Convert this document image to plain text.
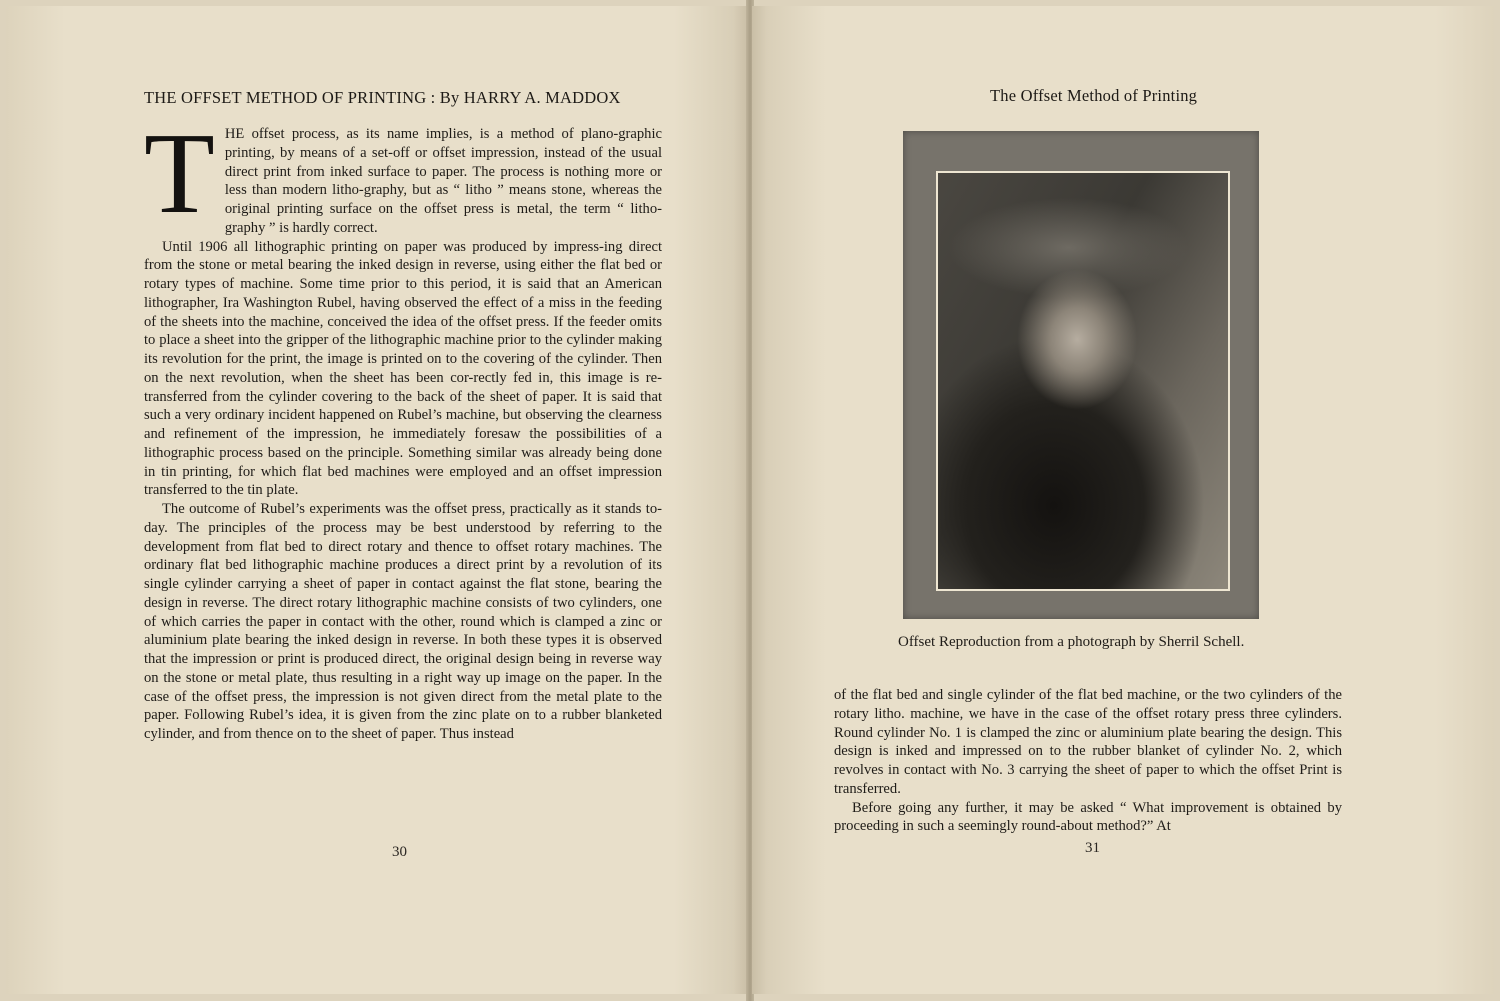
THE OFFSET METHOD OF PRINTING : By HARRY A. MADDOX
T HE offset process, as its name implies, is a method of plano-graphic printing, by means of a set-off or offset impression, instead of the usual direct print from inked surface to paper. The process is nothing more or less than modern litho-graphy, but as “ litho ” means stone, whereas the original printing surface on the offset press is metal, the term “ litho-graphy ” is hardly correct.

Until 1906 all lithographic printing on paper was produced by impress-ing direct from the stone or metal bearing the inked design in reverse, using either the flat bed or rotary types of machine. Some time prior to this period, it is said that an American lithographer, Ira Washington Rubel, having observed the effect of a miss in the feeding of the sheets into the machine, conceived the idea of the offset press. If the feeder omits to place a sheet into the gripper of the lithographic machine prior to the cylinder making its revolution for the print, the image is printed on to the covering of the cylinder. Then on the next revolution, when the sheet has been cor-rectly fed in, this image is re-transferred from the cylinder covering to the back of the sheet of paper. It is said that such a very ordinary incident happened on Rubel’s machine, but observing the clearness and refinement of the impression, he immediately foresaw the possibilities of a lithographic process based on the principle. Something similar was already being done in tin printing, for which flat bed machines were employed and an offset impression transferred to the tin plate.

The outcome of Rubel’s experiments was the offset press, practically as it stands to-day. The principles of the process may be best understood by referring to the development from flat bed to direct rotary and thence to offset rotary machines. The ordinary flat bed lithographic machine produces a direct print by a revolution of its single cylinder carrying a sheet of paper in contact against the flat stone, bearing the design in reverse. The direct rotary lithographic machine consists of two cylinders, one of which carries the paper in contact with the other, round which is clamped a zinc or aluminium plate bearing the inked design in reverse. In both these types it is observed that the impression or print is produced direct, the original design being in reverse way on the stone or metal plate, thus resulting in a right way up image on the paper. In the case of the offset press, the impression is not given direct from the metal plate to the paper. Following Rubel’s idea, it is given from the zinc plate on to a rubber blanketed cylinder, and from thence on to the sheet of paper. Thus instead

30
The Offset Method of Printing
Offset Reproduction from a photograph by Sherril Schell.

of the flat bed and single cylinder of the flat bed machine, or the two cylinders of the rotary litho. machine, we have in the case of the offset rotary press three cylinders. Round cylinder No. 1 is clamped the zinc or aluminium plate bearing the design. This design is inked and impressed on to the rubber blanket of cylinder No. 2, which revolves in contact with No. 3 carrying the sheet of paper to which the offset Print is transferred.

Before going any further, it may be asked “ What improvement is obtained by proceeding in such a seemingly round-about method?” At

31
